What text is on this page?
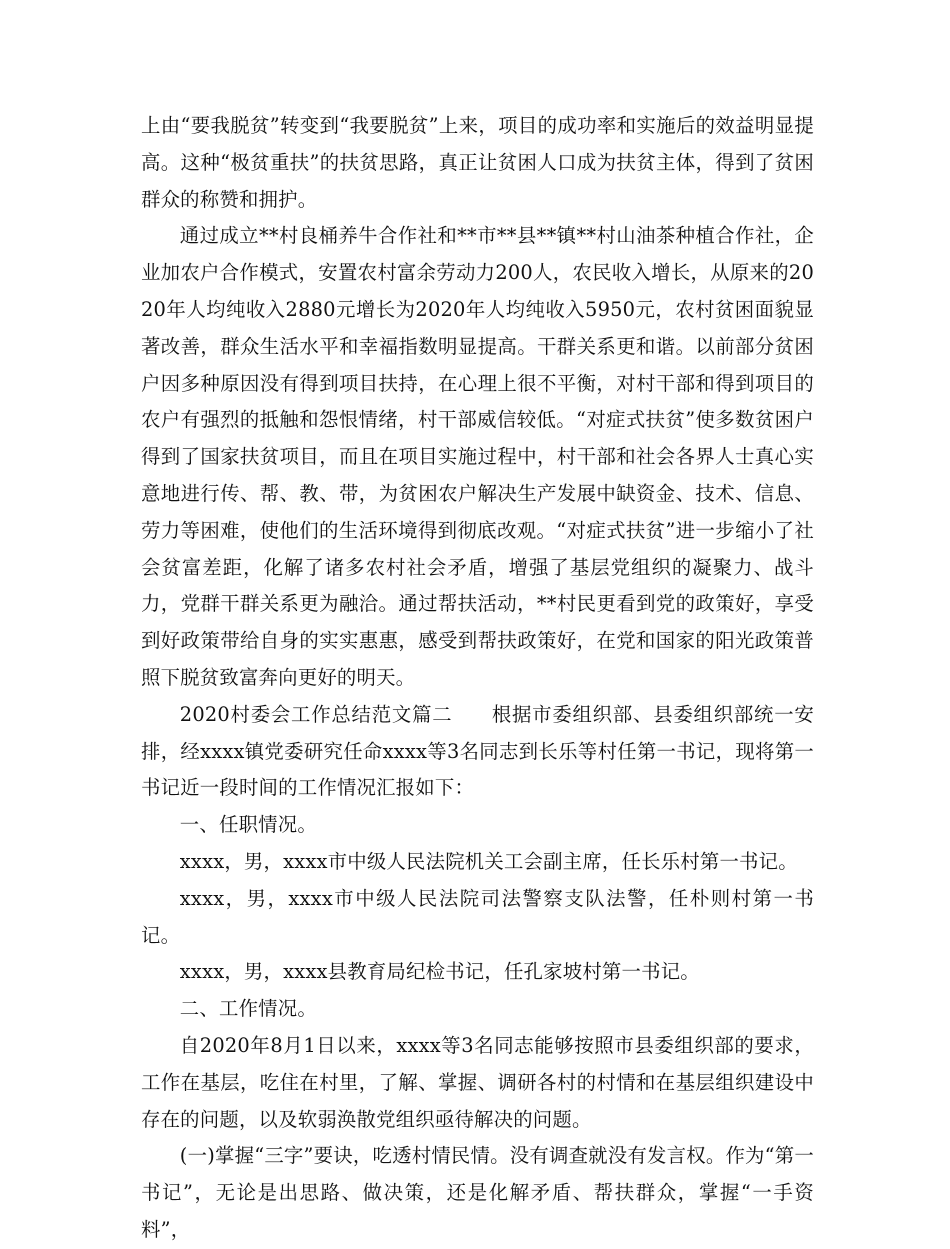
上由“要我脱贫”转变到“我要脱贫”上来，项目的成功率和实施后的效益明显提高。这种“极贫重扶”的扶贫思路，真正让贫困人口成为扶贫主体，得到了贫困群众的称赞和拥护。

通过成立**村良桶养牛合作社和**市**县**镇**村山油茶种植合作社，企业加农户合作模式，安置农村富余劳动力200人，农民收入增长，从原来的2020年人均纯收入2880元增长为2020年人均纯收入5950元，农村贫困面貌显著改善，群众生活水平和幸福指数明显提高。干群关系更和谐。以前部分贫困户因多种原因没有得到项目扶持，在心理上很不平衡，对村干部和得到项目的农户有强烈的抵触和怨恨情绪，村干部威信较低。“对症式扶贫”使多数贫困户得到了国家扶贫项目，而且在项目实施过程中，村干部和社会各界人士真心实意地进行传、帮、教、带，为贫困农户解决生产发展中缺资金、技术、信息、劳力等困难，使他们的生活环境得到彻底改观。“对症式扶贫”进一步缩小了社会贫富差距，化解了诸多农村社会矛盾，增强了基层党组织的凝聚力、战斗力，党群干群关系更为融洽。通过帮扶活动，**村民更看到党的政策好，享受到好政策带给自身的实实惠惠，感受到帮扶政策好，在党和国家的阳光政策普照下脱贫致富奔向更好的明天。

2020村委会工作总结范文篇二 根据市委组织部、县委组织部统一安排，经xxxx镇党委研究任命xxxx等3名同志到长乐等村任第一书记，现将第一书记近一段时间的工作情况汇报如下：

一、任职情况。

xxxx，男，xxxx市中级人民法院机关工会副主席，任长乐村第一书记。

xxxx，男，xxxx市中级人民法院司法警察支队法警，任朴则村第一书记。

xxxx，男，xxxx县教育局纪检书记，任孔家坡村第一书记。

二、工作情况。

自2020年8月1日以来，xxxx等3名同志能够按照市县委组织部的要求，工作在基层，吃住在村里，了解、掌握、调研各村的村情和在基层组织建设中存在的问题，以及软弱涣散党组织亟待解决的问题。

(一)掌握“三字”要诀，吃透村情民情。没有调查就没有发言权。作为“第一书记”，无论是出思路、做决策，还是化解矛盾、帮扶群众，掌握“一手资料”，
